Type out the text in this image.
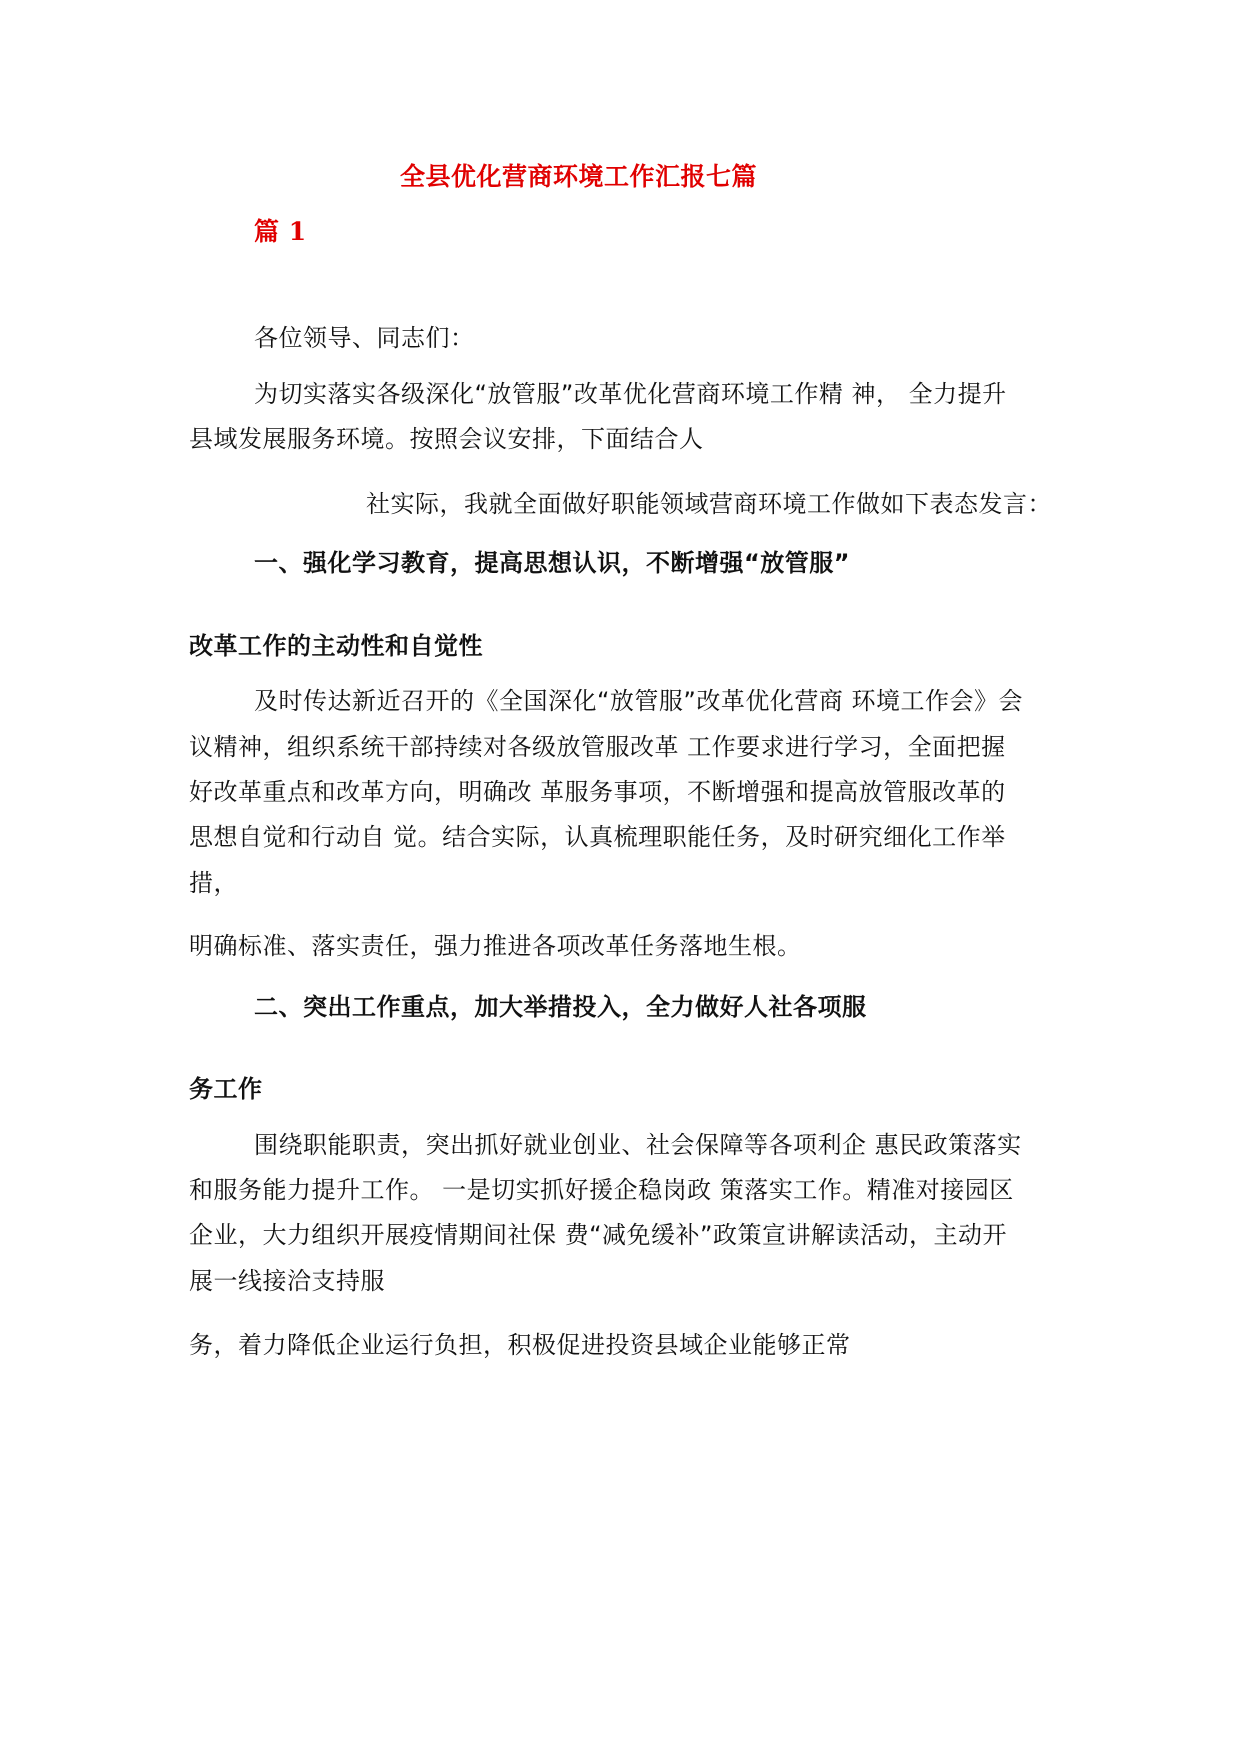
全县优化营商环境工作汇报七篇
篇 1
各位领导、同志们：
为切实落实各级深化“放管服”改革优化营商环境工作精 神， 全力提升
县域发展服务环境。按照会议安排，下面结合人
社实际，我就全面做好职能领域营商环境工作做如下表态发言：
一、强化学习教育，提高思想认识，不断增强“放管服”
改革工作的主动性和自觉性
及时传达新近召开的《全国深化“放管服”改革优化营商 环境工作会》会
议精神，组织系统干部持续对各级放管服改革 工作要求进行学习，全面把握
好改革重点和改革方向，明确改 革服务事项，不断增强和提高放管服改革的
思想自觉和行动自 觉。结合实际，认真梳理职能任务，及时研究细化工作举
措，
明确标准、落实责任，强力推进各项改革任务落地生根。
二、突出工作重点，加大举措投入，全力做好人社各项服
务工作
围绕职能职责，突出抓好就业创业、社会保障等各项利企 惠民政策落实
和服务能力提升工作。 一是切实抓好援企稳岗政 策落实工作。精准对接园区
企业，大力组织开展疫情期间社保 费“减免缓补”政策宣讲解读活动，主动开
展一线接洽支持服
务，着力降低企业运行负担，积极促进投资县域企业能够正常
